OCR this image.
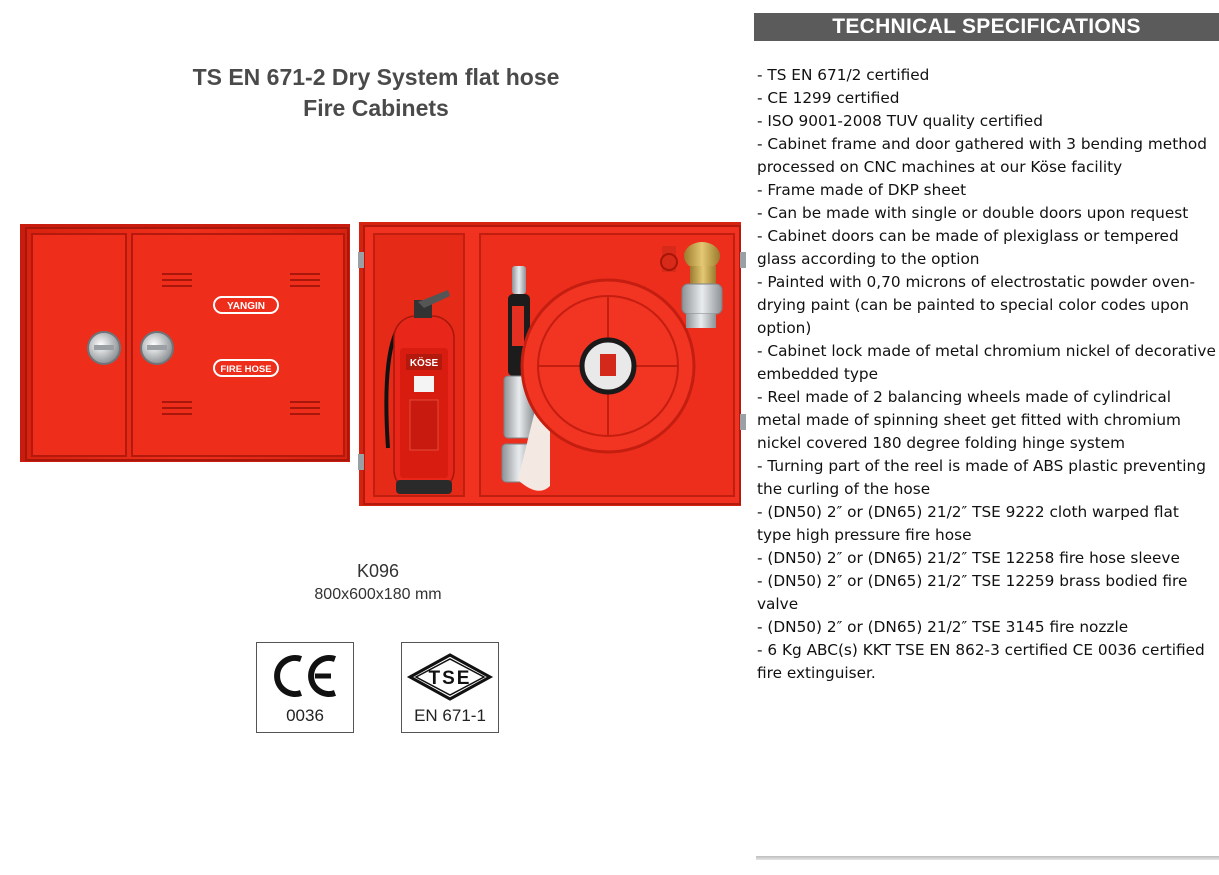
TS EN 671-2 Dry System flat hose
Fire Cabinets
YANGIN
FIRE HOSE
KÖSE
K096
800x600x180 mm
0036
TSE
EN 671-1
TECHNICAL SPECIFICATIONS
- TS EN 671/2 certified
- CE 1299 certified
- ISO 9001-2008 TUV quality certified
- Cabinet frame and door gathered with 3 bending method processed on CNC machines at our Köse facility
- Frame made of DKP sheet
- Can be made with single or double doors upon request
- Cabinet doors can be made of plexiglass or tempered glass according to the option
- Painted with 0,70 microns of electrostatic powder oven-drying paint (can be painted to special color codes upon option)
- Cabinet lock made of metal chromium nickel of decorative embedded type
- Reel made of 2 balancing wheels made of cylindrical metal made of spinning sheet get fitted with chromium nickel covered 180 degree folding hinge system
- Turning part of the reel is made of ABS plastic preventing the curling of the hose
- (DN50) 2″ or (DN65) 21/2″ TSE 9222 cloth warped flat type high pressure fire hose
- (DN50) 2″ or (DN65) 21/2″ TSE 12258 fire hose sleeve
- (DN50) 2″ or (DN65) 21/2″ TSE 12259 brass bodied fire valve
- (DN50) 2″ or (DN65) 21/2″ TSE 3145 fire nozzle
- 6 Kg ABC(s) KKT TSE EN 862-3 certified CE 0036 certified fire extinguiser.
